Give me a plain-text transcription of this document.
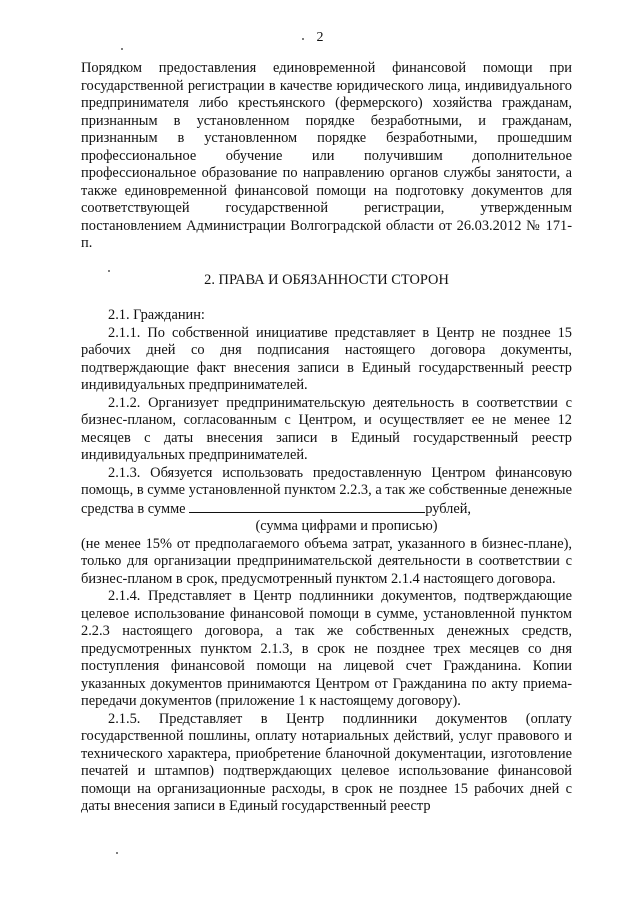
2

Порядком предоставления единовременной финансовой помощи при государственной регистрации в качестве юридического лица, индивидуального предпринимателя либо крестьянского (фермерского) хозяйства гражданам, признанным в установленном порядке безработными, и гражданам, признанным в установленном порядке безработными, прошедшим профессиональное обучение или получившим дополнительное профессиональное образование по направлению органов службы занятости, а также единовременной финансовой помощи на подготовку документов для соответствующей государственной регистрации, утвержденным постановлением Администрации Волгоградской области от 26.03.2012 № 171-п.

2. ПРАВА И ОБЯЗАННОСТИ СТОРОН

2.1. Гражданин:

2.1.1. По собственной инициативе представляет в Центр не позднее 15 рабочих дней со дня подписания настоящего договора документы, подтверждающие факт внесения записи в Единый государственный реестр индивидуальных предпринимателей.

2.1.2. Организует предпринимательскую деятельность в соответствии с бизнес-планом, согласованным с Центром, и осуществляет ее не менее 12 месяцев с даты внесения записи в Единый государственный реестр индивидуальных предпринимателей.

2.1.3. Обязуется использовать предоставленную Центром финансовую помощь, в сумме установленной пунктом 2.2.3, а так же собственные денежные средства в сумме	рублей,

(сумма цифрами и прописью)

(не менее 15% от предполагаемого объема затрат, указанного в бизнес-плане), только для организации предпринимательской деятельности в соответствии с бизнес-планом в срок, предусмотренный пунктом 2.1.4 настоящего договора.

2.1.4. Представляет в Центр подлинники документов, подтверждающие целевое использование финансовой помощи в сумме, установленной пунктом 2.2.3 настоящего договора, а так же собственных денежных средств, предусмотренных пунктом 2.1.3, в срок не позднее трех месяцев со дня поступления финансовой помощи на лицевой счет Гражданина. Копии указанных документов принимаются Центром от Гражданина по акту приема-передачи документов (приложение 1 к настоящему договору).

2.1.5. Представляет в Центр подлинники документов (оплату государственной пошлины, оплату нотариальных действий, услуг правового и технического характера, приобретение бланочной документации, изготовление печатей и штампов) подтверждающих целевое использование финансовой помощи на организационные расходы, в срок не позднее 15 рабочих дней с даты внесения записи в Единый государственный реестр
